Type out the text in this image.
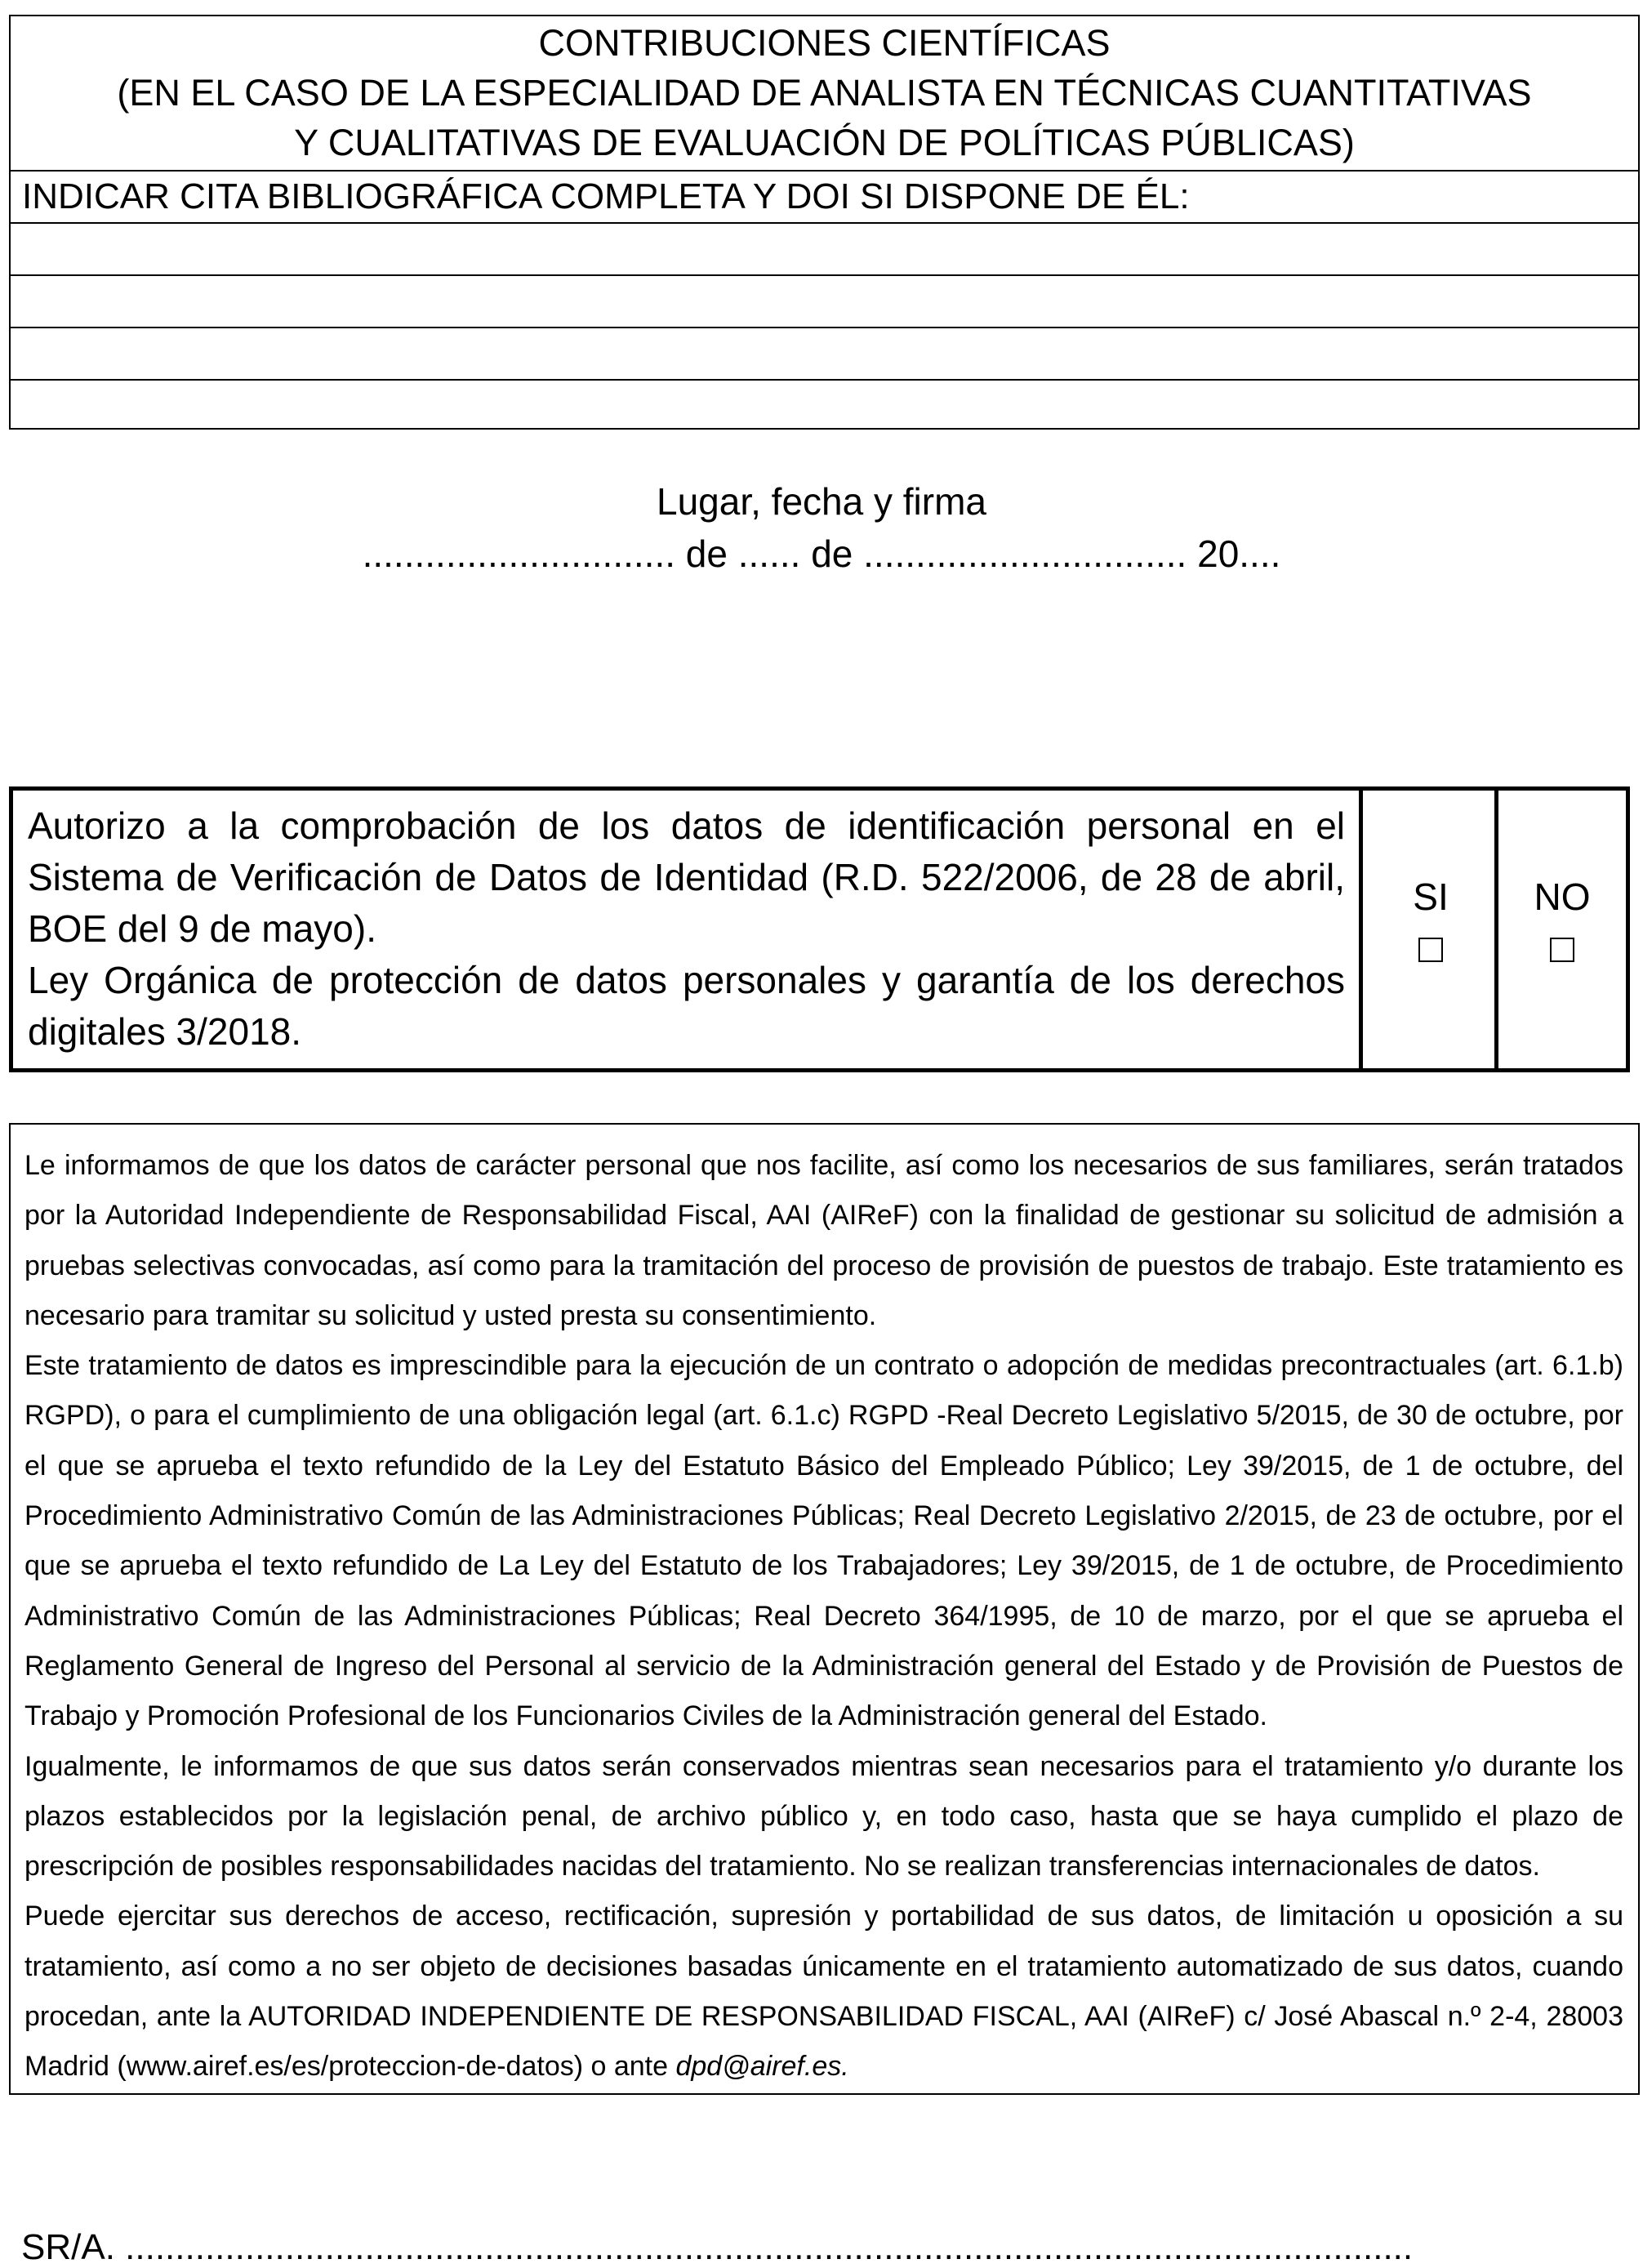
CONTRIBUCIONES CIENTÍFICAS
(EN EL CASO DE LA ESPECIALIDAD DE ANALISTA EN TÉCNICAS CUANTITATIVAS
Y CUALITATIVAS DE EVALUACIÓN DE POLÍTICAS PÚBLICAS)
INDICAR CITA BIBLIOGRÁFICA COMPLETA Y DOI SI DISPONE DE ÉL:
Lugar, fecha y firma
.............................. de ...... de ............................... 20....

Autorizo a la comprobación de los datos de identificación personal en el Sistema de Verificación de Datos de Identidad (R.D. 522/2006, de 28 de abril, BOE del 9 de mayo).

Ley Orgánica de protección de datos personales y garantía de los derechos digitales 3/2018.

SI	NO

Le informamos de que los datos de carácter personal que nos facilite, así como los necesarios de sus familiares, serán tratados por la Autoridad Independiente de Responsabilidad Fiscal, AAI (AIReF) con la finalidad de gestionar su solicitud de admisión a pruebas selectivas convocadas, así como para la tramitación del proceso de provisión de puestos de trabajo. Este tratamiento es necesario para tramitar su solicitud y usted presta su consentimiento.

Este tratamiento de datos es imprescindible para la ejecución de un contrato o adopción de medidas precontractuales (art. 6.1.b) RGPD), o para el cumplimiento de una obligación legal (art. 6.1.c) RGPD -Real Decreto Legislativo 5/2015, de 30 de octubre, por el que se aprueba el texto refundido de la Ley del Estatuto Básico del Empleado Público; Ley 39/2015, de 1 de octubre, del Procedimiento Administrativo Común de las Administraciones Públicas; Real Decreto Legislativo 2/2015, de 23 de octubre, por el que se aprueba el texto refundido de La Ley del Estatuto de los Trabajadores; Ley 39/2015, de 1 de octubre, de Procedimiento Administrativo Común de las Administraciones Públicas; Real Decreto 364/1995, de 10 de marzo, por el que se aprueba el Reglamento General de Ingreso del Personal al servicio de la Administración general del Estado y de Provisión de Puestos de Trabajo y Promoción Profesional de los Funcionarios Civiles de la Administración general del Estado.

Igualmente, le informamos de que sus datos serán conservados mientras sean necesarios para el tratamiento y/o durante los plazos establecidos por la legislación penal, de archivo público y, en todo caso, hasta que se haya cumplido el plazo de prescripción de posibles responsabilidades nacidas del tratamiento. No se realizan transferencias internacionales de datos.

Puede ejercitar sus derechos de acceso, rectificación, supresión y portabilidad de sus datos, de limitación u oposición a su tratamiento, así como a no ser objeto de decisiones basadas únicamente en el tratamiento automatizado de sus datos, cuando procedan, ante la AUTORIDAD INDEPENDIENTE DE RESPONSABILIDAD FISCAL, AAI (AIReF) c/ José Abascal n.º 2-4, 28003 Madrid (www.airef.es/es/proteccion-de-datos) o ante dpd@airef.es.

SR/A. .................................................................................................................................
